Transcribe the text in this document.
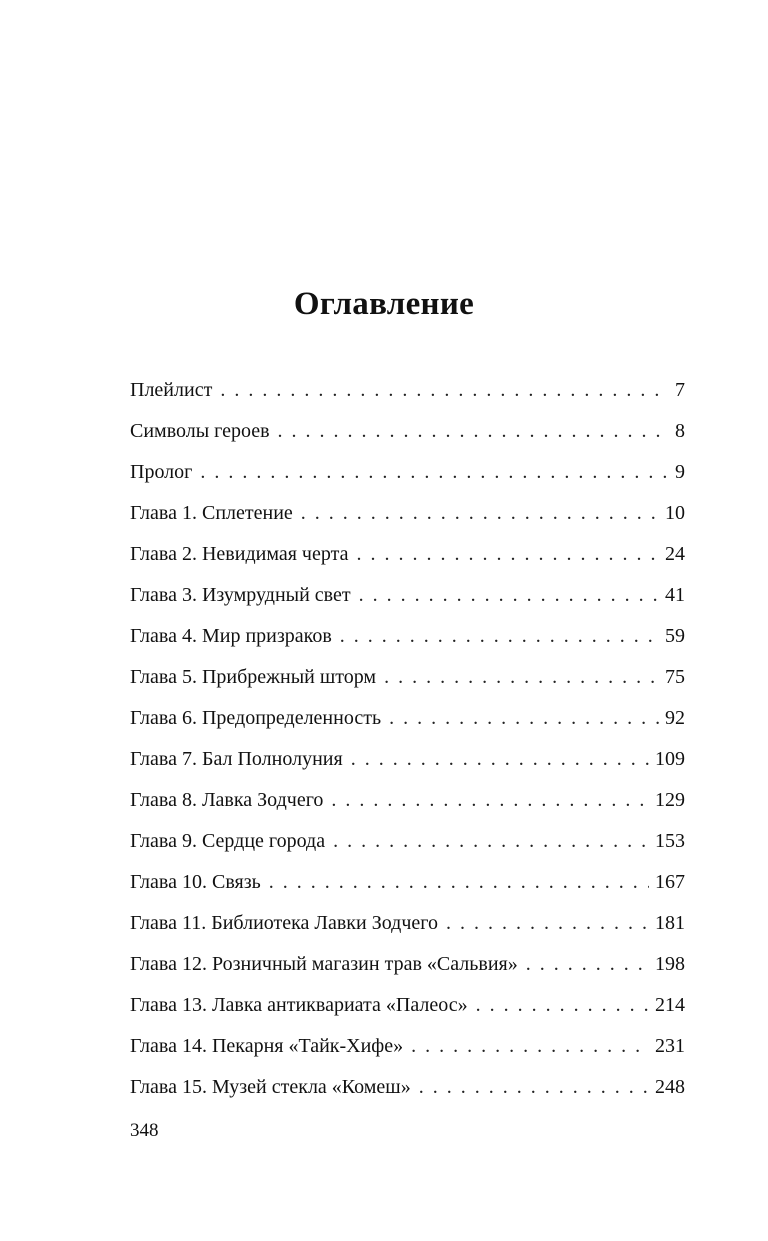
Оглавление
Плейлист . . .	7
Символы героев . . .	8
Пролог . . .	9
Глава 1. Сплетение . . .	10
Глава 2. Невидимая черта . . .	24
Глава 3. Изумрудный свет . . .	41
Глава 4. Мир призраков . . .	59
Глава 5. Прибрежный шторм . . .	75
Глава 6. Предопределенность . . .	92
Глава 7. Бал Полнолуния . . .	109
Глава 8. Лавка Зодчего . . .	129
Глава 9. Сердце города . . .	153
Глава 10. Связь . . .	167
Глава 11. Библиотека Лавки Зодчего . . .	181
Глава 12. Розничный магазин трав «Сальвия» . . .	198
Глава 13. Лавка антиквариата «Палеос» . . .	214
Глава 14. Пекарня «Тайк-Хифе» . . .	231
Глава 15. Музей стекла «Комеш» . . .	248
348
